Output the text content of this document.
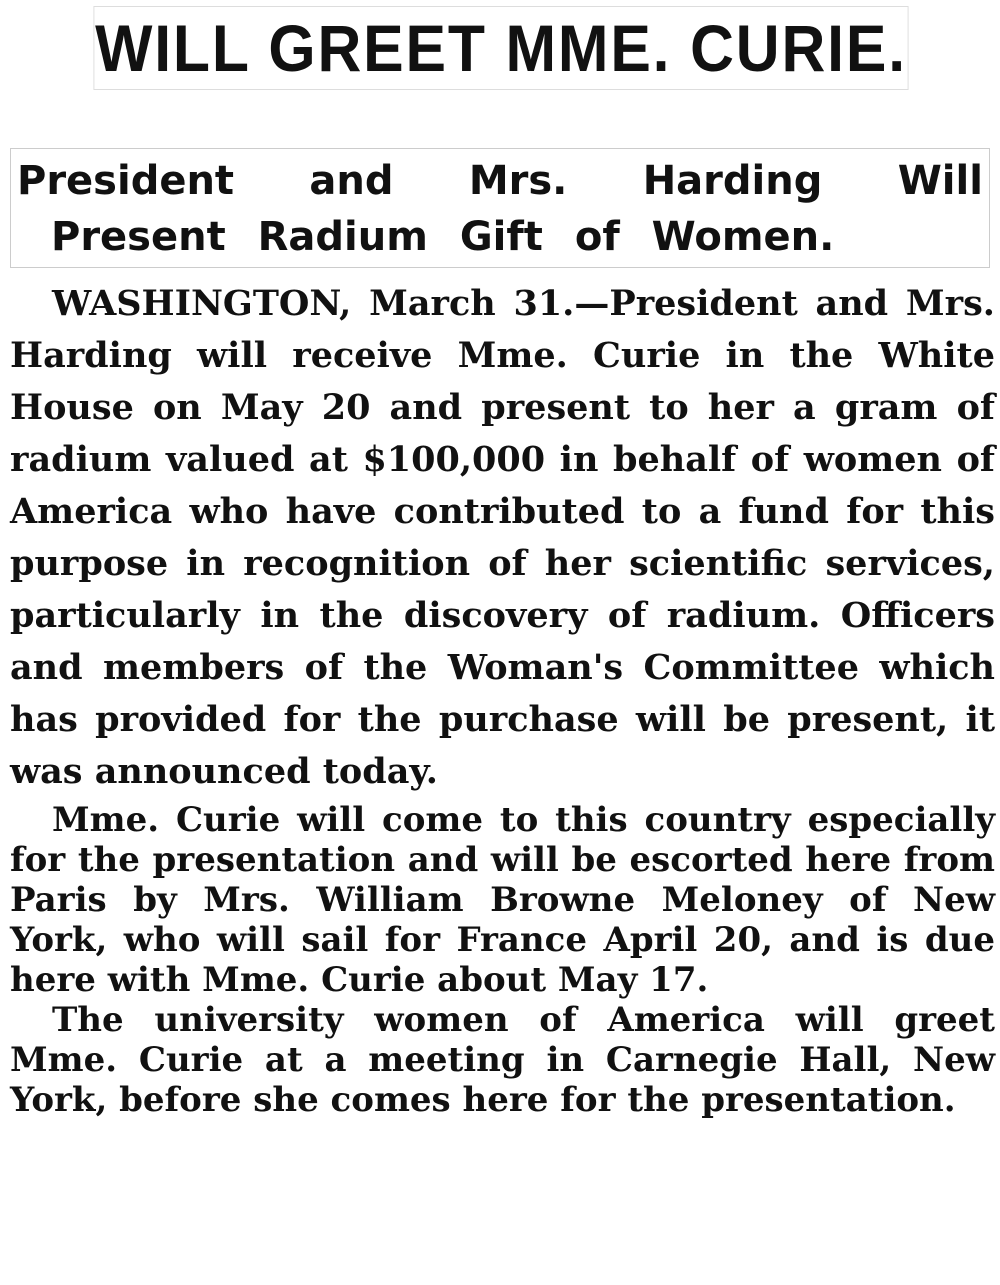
WILL GREET MME. CURIE.
President and Mrs. Harding Will
Present Radium Gift of Women.

WASHINGTON, March 31.—President and Mrs. Harding will receive Mme. Curie in the White House on May 20 and present to her a gram of radium valued at $100,000 in behalf of women of America who have contributed to a fund for this purpose in recognition of her scientific services, particularly in the discovery of radium. Officers and members of the Woman's Committee which has provided for the purchase will be present, it was announced today.

Mme. Curie will come to this country especially for the presentation and will be escorted here from Paris by Mrs. William Browne Meloney of New York, who will sail for France April 20, and is due here with Mme. Curie about May 17.

The university women of America will greet Mme. Curie at a meeting in Carnegie Hall, New York, before she comes here for the presentation.
